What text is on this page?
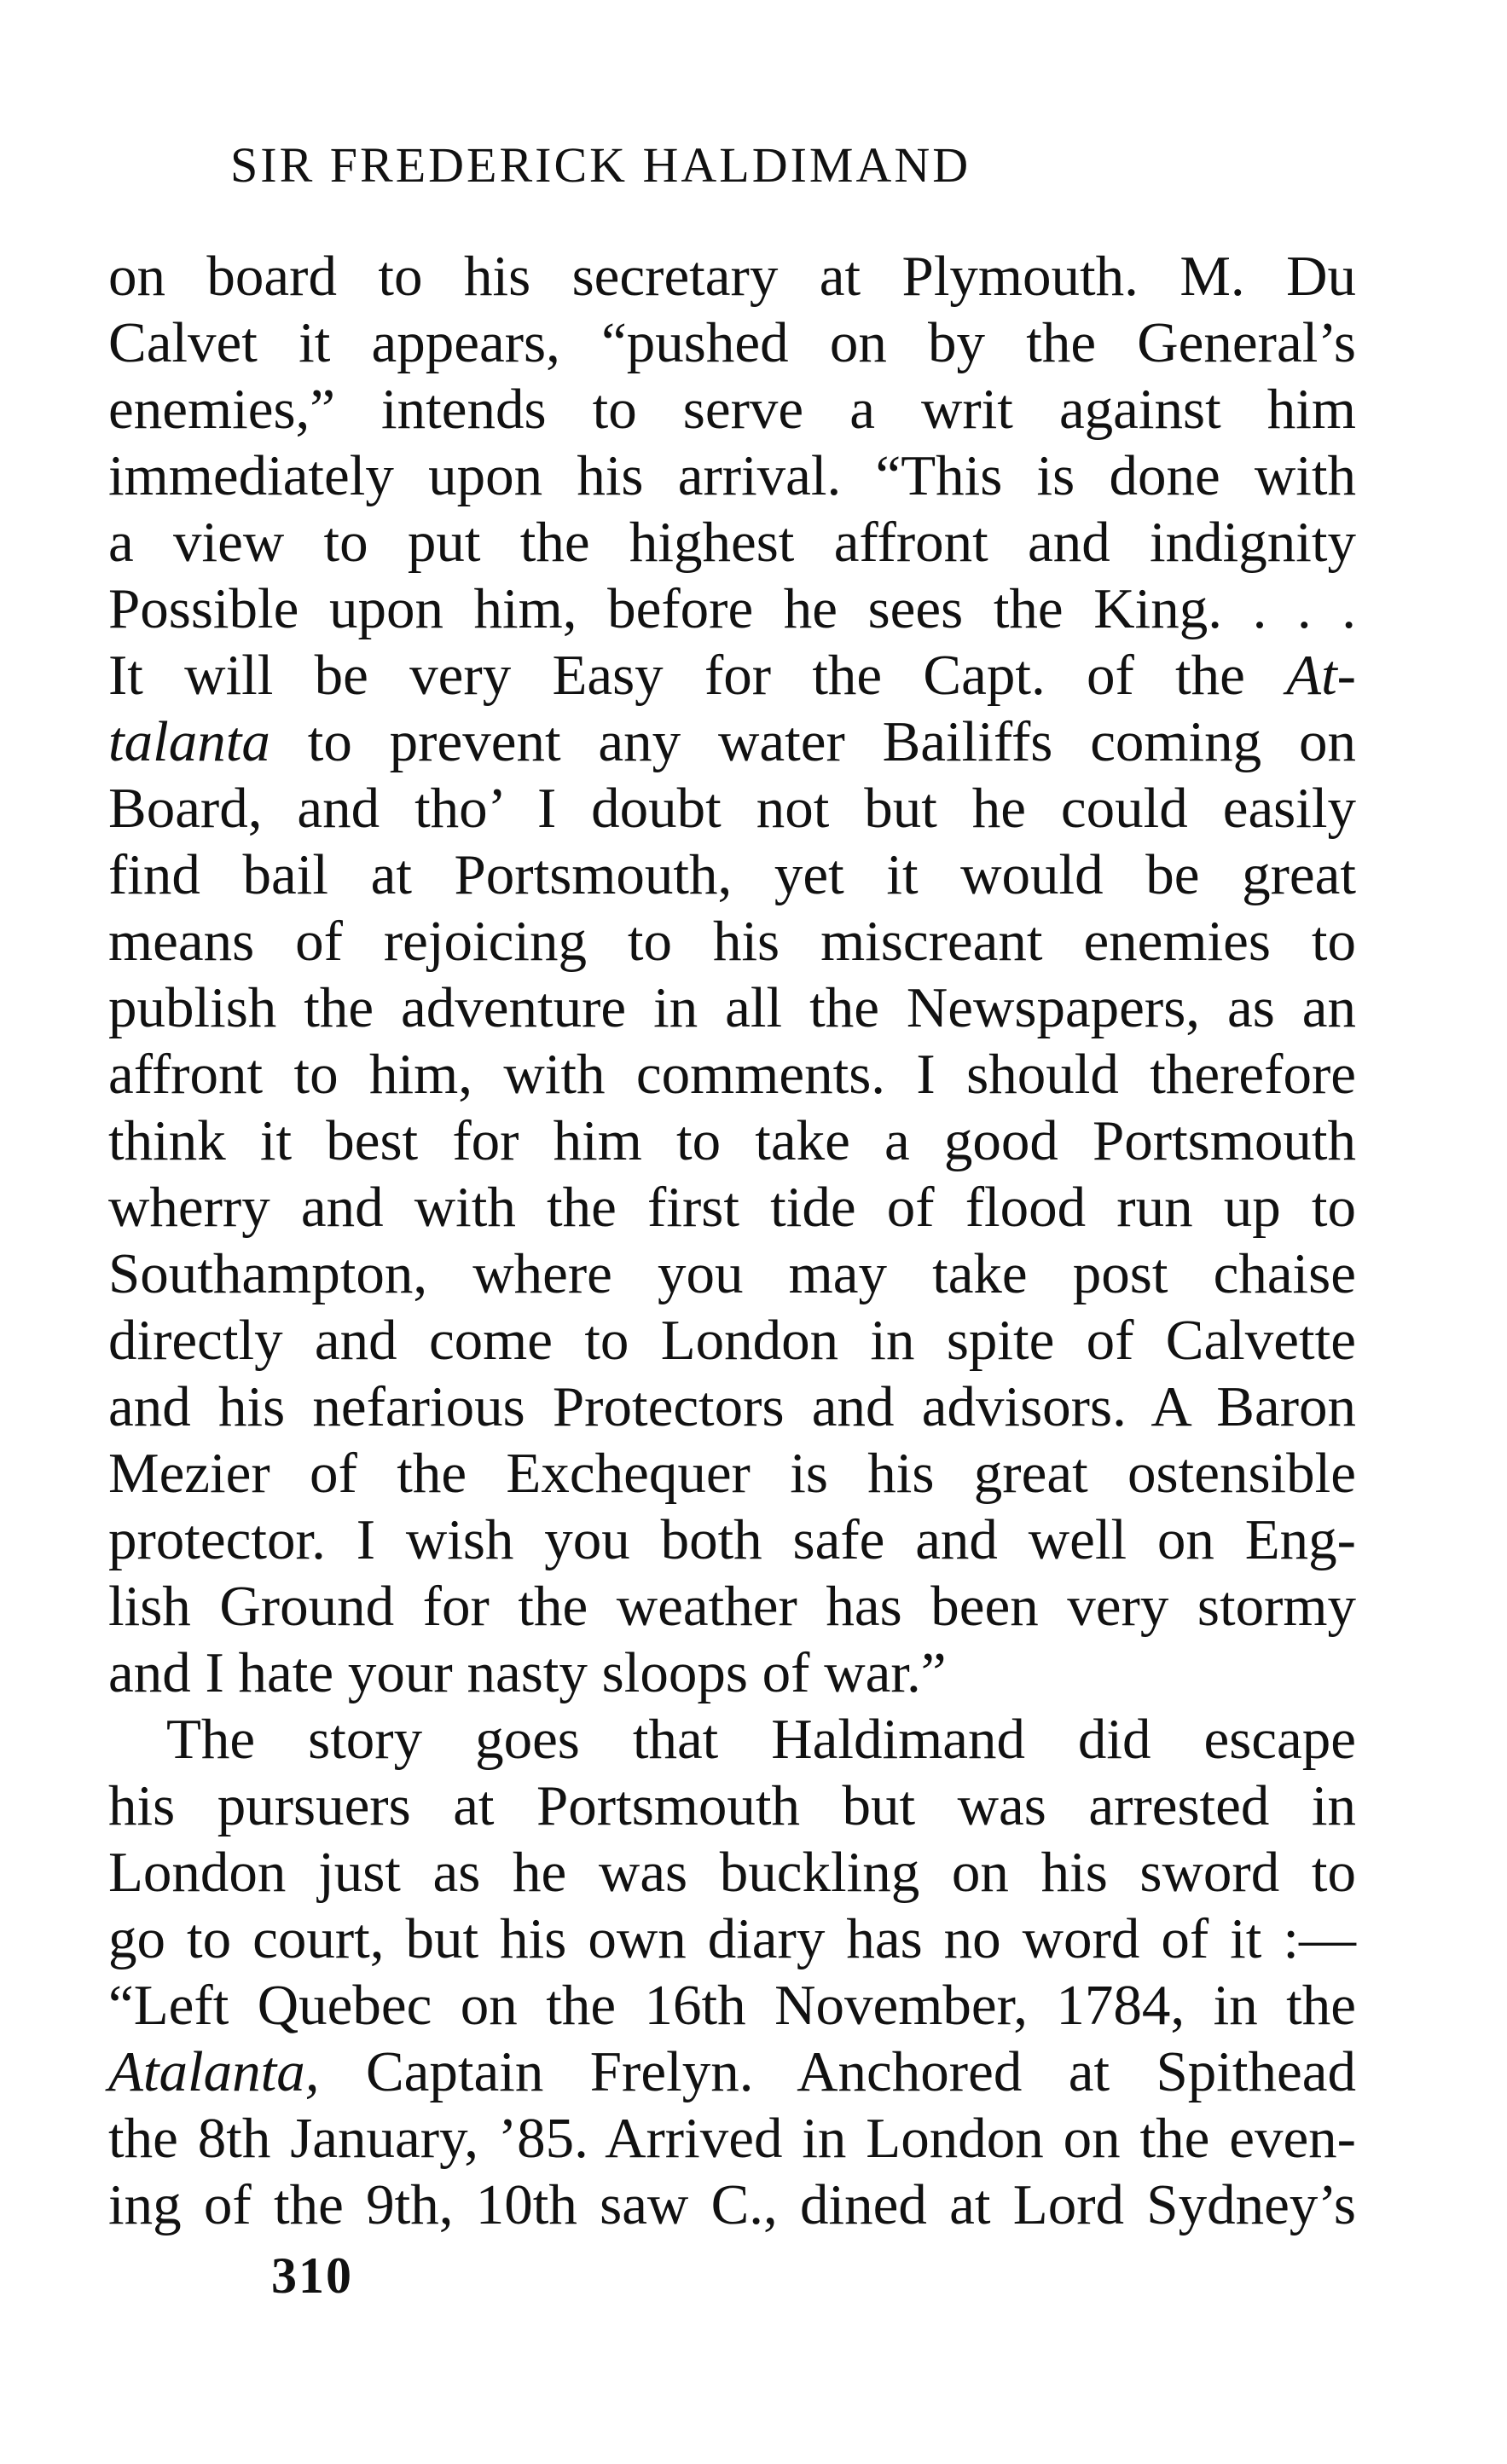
SIR FREDERICK HALDIMAND
on board to his secretary at Plymouth. M. Du
Calvet it appears, “pushed on by the General’s
enemies,” intends to serve a writ against him
immediately upon his arrival. “This is done with
a view to put the highest affront and indignity
Possible upon him, before he sees the King. . . .
It will be very Easy for the Capt. of the At-
talanta to prevent any water Bailiffs coming on
Board, and tho’ I doubt not but he could easily
find bail at Portsmouth, yet it would be great
means of rejoicing to his miscreant enemies to
publish the adventure in all the Newspapers, as an
affront to him, with comments. I should therefore
think it best for him to take a good Portsmouth
wherry and with the first tide of flood run up to
Southampton, where you may take post chaise
directly and come to London in spite of Calvette
and his nefarious Protectors and advisors. A Baron
Mezier of the Exchequer is his great ostensible
protector. I wish you both safe and well on Eng-
lish Ground for the weather has been very stormy
and I hate your nasty sloops of war.”
The story goes that Haldimand did escape
his pursuers at Portsmouth but was arrested in
London just as he was buckling on his sword to
go to court, but his own diary has no word of it :—
“Left Quebec on the 16th November, 1784, in the
Atalanta, Captain Frelyn. Anchored at Spithead
the 8th January, ’85. Arrived in London on the even-
ing of the 9th, 10th saw C., dined at Lord Sydney’s
310
